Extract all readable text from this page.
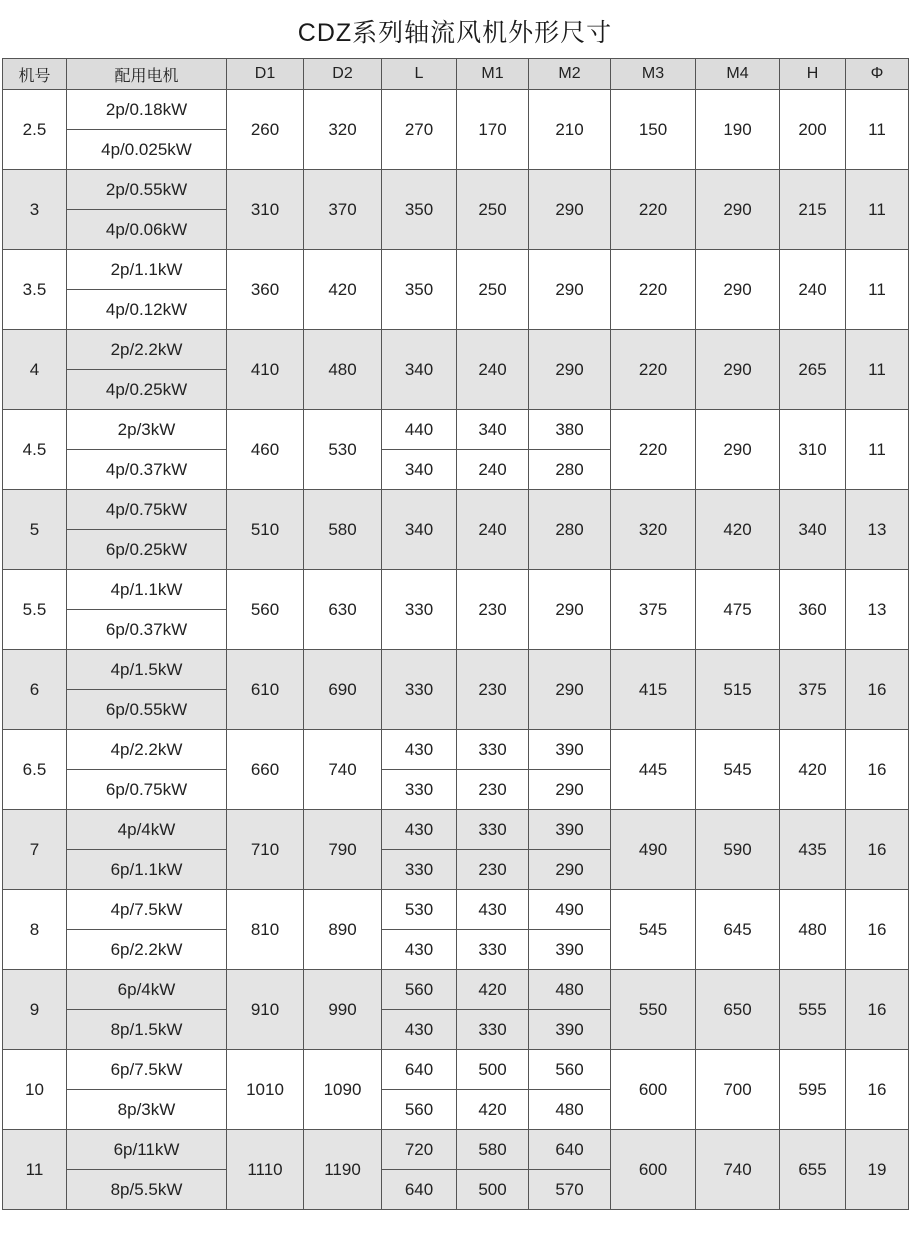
CDZ系列轴流风机外形尺寸
机号	配用电机	D1	D2	L	M1	M2	M3	M4	H	Φ
2.5	2p/0.18kW	260	320	270	170	210	150	190	200	11
	4p/0.025kW									
3	2p/0.55kW	310	370	350	250	290	220	290	215	11
	4p/0.06kW									
3.5	2p/1.1kW	360	420	350	250	290	220	290	240	11
	4p/0.12kW									
4	2p/2.2kW	410	480	340	240	290	220	290	265	11
	4p/0.25kW									
4.5	2p/3kW	460	530	440	340	380	220	290	310	11
	4p/0.37kW			340	240	280				
5	4p/0.75kW	510	580	340	240	280	320	420	340	13
	6p/0.25kW									
5.5	4p/1.1kW	560	630	330	230	290	375	475	360	13
	6p/0.37kW									
6	4p/1.5kW	610	690	330	230	290	415	515	375	16
	6p/0.55kW									
6.5	4p/2.2kW	660	740	430	330	390	445	545	420	16
	6p/0.75kW			330	230	290				
7	4p/4kW	710	790	430	330	390	490	590	435	16
	6p/1.1kW			330	230	290				
8	4p/7.5kW	810	890	530	430	490	545	645	480	16
	6p/2.2kW			430	330	390				
9	6p/4kW	910	990	560	420	480	550	650	555	16
	8p/1.5kW			430	330	390				
10	6p/7.5kW	1010	1090	640	500	560	600	700	595	16
	8p/3kW			560	420	480				
11	6p/11kW	1110	1190	720	580	640	600	740	655	19
	8p/5.5kW			640	500	570				
